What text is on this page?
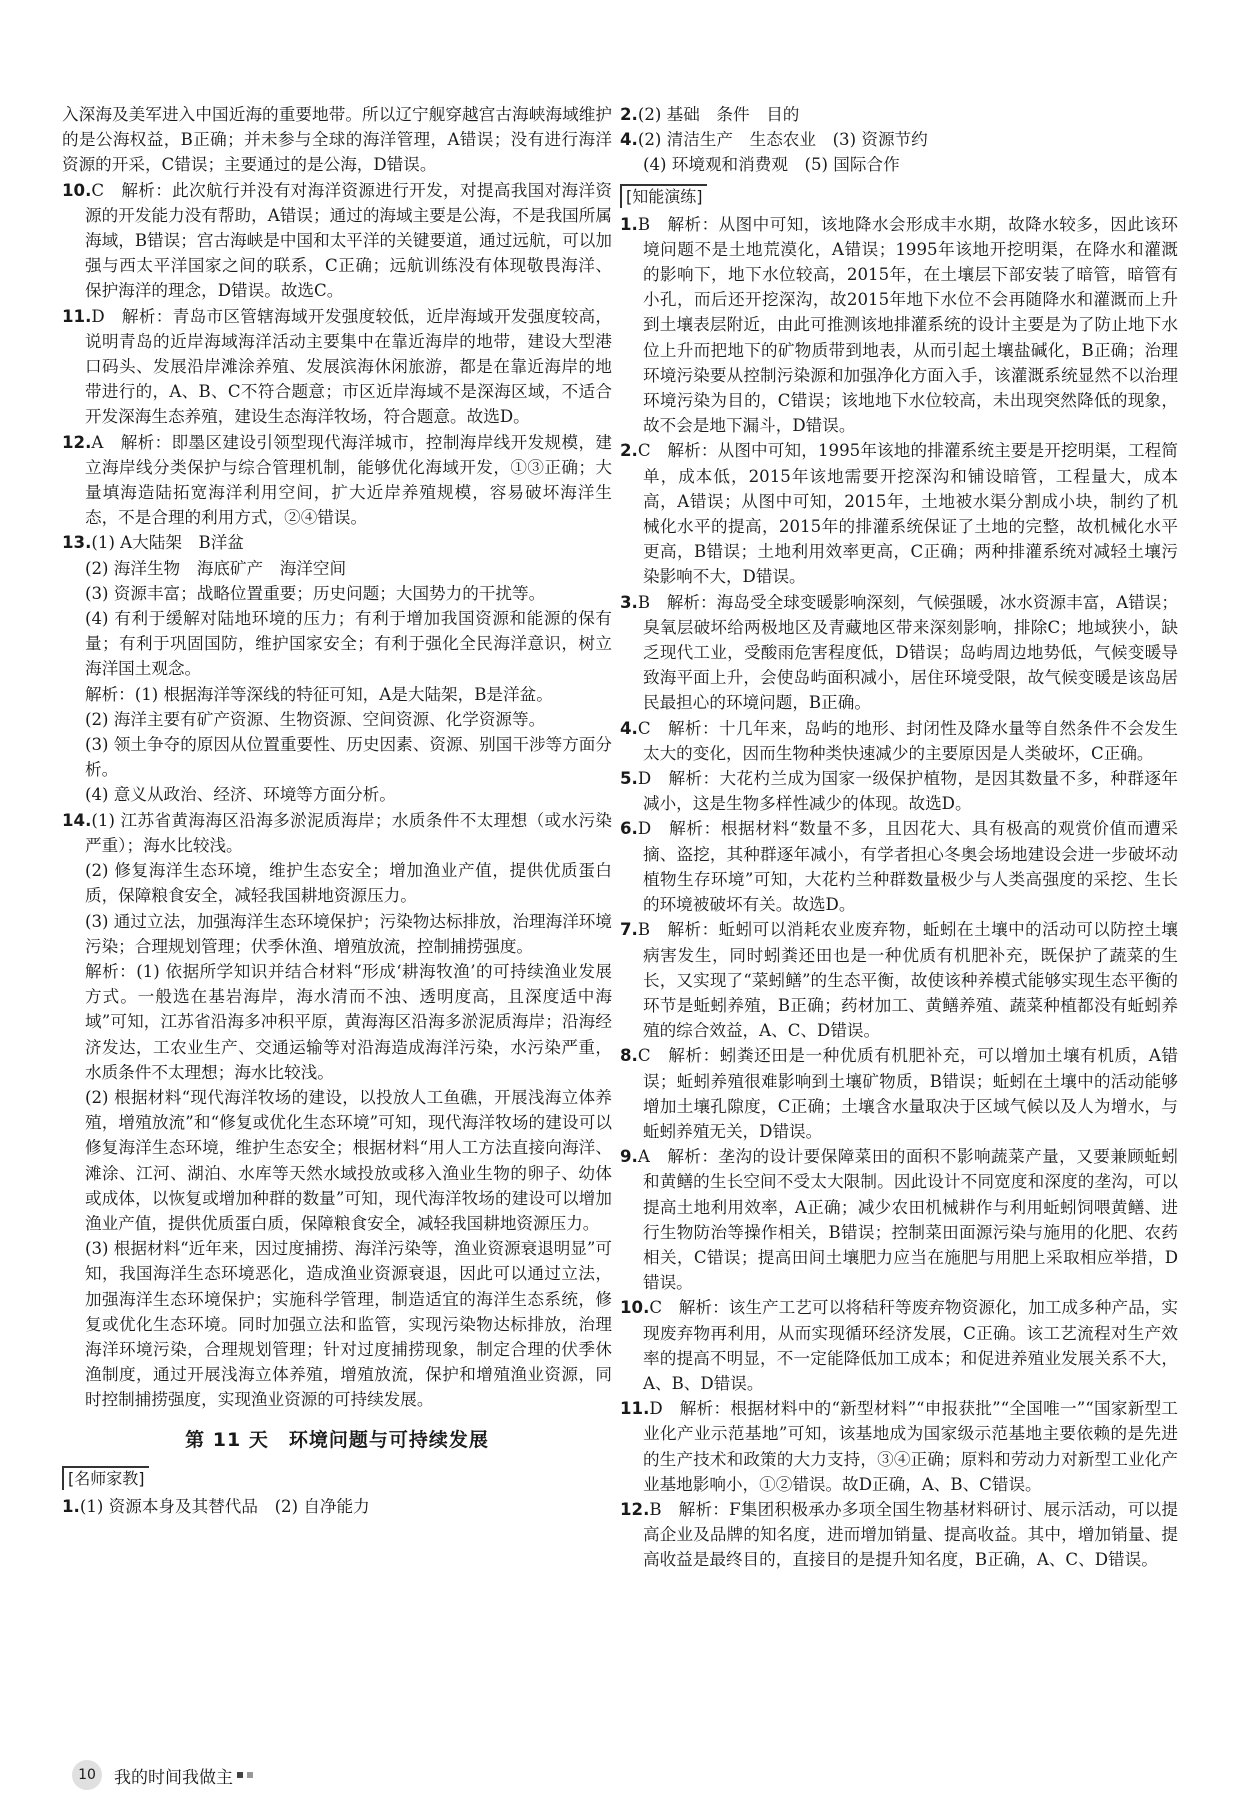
入深海及美军进入中国近海的重要地带。所以辽宁舰穿越宫古海峡海域维护的是公海权益，B正确；并未参与全球的海洋管理，A错误；没有进行海洋资源的开采，C错误；主要通过的是公海，D错误。

10.C　解析：此次航行并没有对海洋资源进行开发，对提高我国对海洋资源的开发能力没有帮助，A错误；通过的海域主要是公海，不是我国所属海域，B错误；宫古海峡是中国和太平洋的关键要道，通过远航，可以加强与西太平洋国家之间的联系，C正确；远航训练没有体现敬畏海洋、保护海洋的理念，D错误。故选C。

11.D　解析：青岛市区管辖海域开发强度较低，近岸海域开发强度较高，说明青岛的近岸海域海洋活动主要集中在靠近海岸的地带，建设大型港口码头、发展沿岸滩涂养殖、发展滨海休闲旅游，都是在靠近海岸的地带进行的，A、B、C不符合题意；市区近岸海域不是深海区域，不适合开发深海生态养殖，建设生态海洋牧场，符合题意。故选D。

12.A　解析：即墨区建设引领型现代海洋城市，控制海岸线开发规模，建立海岸线分类保护与综合管理机制，能够优化海域开发，①③正确；大量填海造陆拓宽海洋利用空间，扩大近岸养殖规模，容易破坏海洋生态，不是合理的利用方式，②④错误。

13.(1) A大陆架　B洋盆

(2) 海洋生物　海底矿产　海洋空间

(3) 资源丰富；战略位置重要；历史问题；大国势力的干扰等。

(4) 有利于缓解对陆地环境的压力；有利于增加我国资源和能源的保有量；有利于巩固国防，维护国家安全；有利于强化全民海洋意识，树立海洋国土观念。

解析：(1) 根据海洋等深线的特征可知，A是大陆架，B是洋盆。

(2) 海洋主要有矿产资源、生物资源、空间资源、化学资源等。

(3) 领土争夺的原因从位置重要性、历史因素、资源、别国干涉等方面分析。

(4) 意义从政治、经济、环境等方面分析。

14.(1) 江苏省黄海海区沿海多淤泥质海岸；水质条件不太理想（或水污染严重）；海水比较浅。

(2) 修复海洋生态环境，维护生态安全；增加渔业产值，提供优质蛋白质，保障粮食安全，减轻我国耕地资源压力。

(3) 通过立法，加强海洋生态环境保护；污染物达标排放，治理海洋环境污染；合理规划管理；伏季休渔、增殖放流，控制捕捞强度。

解析：(1) 依据所学知识并结合材料“形成‘耕海牧渔’的可持续渔业发展方式。一般选在基岩海岸，海水清而不浊、透明度高，且深度适中海域”可知，江苏省沿海多冲积平原，黄海海区沿海多淤泥质海岸；沿海经济发达，工农业生产、交通运输等对沿海造成海洋污染，水污染严重，水质条件不太理想；海水比较浅。

(2) 根据材料“现代海洋牧场的建设，以投放人工鱼礁，开展浅海立体养殖，增殖放流”和“修复或优化生态环境”可知，现代海洋牧场的建设可以修复海洋生态环境，维护生态安全；根据材料“用人工方法直接向海洋、滩涂、江河、湖泊、水库等天然水域投放或移入渔业生物的卵子、幼体或成体，以恢复或增加种群的数量”可知，现代海洋牧场的建设可以增加渔业产值，提供优质蛋白质，保障粮食安全，减轻我国耕地资源压力。

(3) 根据材料“近年来，因过度捕捞、海洋污染等，渔业资源衰退明显”可知，我国海洋生态环境恶化，造成渔业资源衰退，因此可以通过立法，加强海洋生态环境保护；实施科学管理，制造适宜的海洋生态系统，修复或优化生态环境。同时加强立法和监管，实现污染物达标排放，治理海洋环境污染，合理规划管理；针对过度捕捞现象，制定合理的伏季休渔制度，通过开展浅海立体养殖，增殖放流，保护和增殖渔业资源，同时控制捕捞强度，实现渔业资源的可持续发展。

第 11 天　环境问题与可持续发展
[名师家教]

1.(1) 资源本身及其替代品　(2) 自净能力

2.(2) 基础　条件　目的

4.(2) 清洁生产　生态农业　(3) 资源节约

(4) 环境观和消费观　(5) 国际合作

[知能演练]

1.B　解析：从图中可知，该地降水会形成丰水期，故降水较多，因此该环境问题不是土地荒漠化，A错误；1995年该地开挖明渠，在降水和灌溉的影响下，地下水位较高，2015年，在土壤层下部安装了暗管，暗管有小孔，而后还开挖深沟，故2015年地下水位不会再随降水和灌溉而上升到土壤表层附近，由此可推测该地排灌系统的设计主要是为了防止地下水位上升而把地下的矿物质带到地表，从而引起土壤盐碱化，B正确；治理环境污染要从控制污染源和加强净化方面入手，该灌溉系统显然不以治理环境污染为目的，C错误；该地地下水位较高，未出现突然降低的现象，故不会是地下漏斗，D错误。

2.C　解析：从图中可知，1995年该地的排灌系统主要是开挖明渠，工程简单，成本低，2015年该地需要开挖深沟和铺设暗管，工程量大，成本高，A错误；从图中可知，2015年，土地被水渠分割成小块，制约了机械化水平的提高，2015年的排灌系统保证了土地的完整，故机械化水平更高，B错误；土地利用效率更高，C正确；两种排灌系统对减轻土壤污染影响不大，D错误。

3.B　解析：海岛受全球变暖影响深刻，气候强暖，冰水资源丰富，A错误；臭氧层破坏给两极地区及青藏地区带来深刻影响，排除C；地域狭小，缺乏现代工业，受酸雨危害程度低，D错误；岛屿周边地势低，气候变暖导致海平面上升，会使岛屿面积减小，居住环境受限，故气候变暖是该岛居民最担心的环境问题，B正确。

4.C　解析：十几年来，岛屿的地形、封闭性及降水量等自然条件不会发生太大的变化，因而生物种类快速减少的主要原因是人类破坏，C正确。

5.D　解析：大花杓兰成为国家一级保护植物，是因其数量不多，种群逐年减小，这是生物多样性减少的体现。故选D。

6.D　解析：根据材料“数量不多，且因花大、具有极高的观赏价值而遭采摘、盗挖，其种群逐年减小，有学者担心冬奥会场地建设会进一步破坏动植物生存环境”可知，大花杓兰种群数量极少与人类高强度的采挖、生长的环境被破坏有关。故选D。

7.B　解析：蚯蚓可以消耗农业废弃物，蚯蚓在土壤中的活动可以防控土壤病害发生，同时蚓粪还田也是一种优质有机肥补充，既保护了蔬菜的生长，又实现了“菜蚓鳝”的生态平衡，故使该种养模式能够实现生态平衡的环节是蚯蚓养殖，B正确；药材加工、黄鳝养殖、蔬菜种植都没有蚯蚓养殖的综合效益，A、C、D错误。

8.C　解析：蚓粪还田是一种优质有机肥补充，可以增加土壤有机质，A错误；蚯蚓养殖很难影响到土壤矿物质，B错误；蚯蚓在土壤中的活动能够增加土壤孔隙度，C正确；土壤含水量取决于区域气候以及人为增水，与蚯蚓养殖无关，D错误。

9.A　解析：垄沟的设计要保障菜田的面积不影响蔬菜产量，又要兼顾蚯蚓和黄鳝的生长空间不受太大限制。因此设计不同宽度和深度的垄沟，可以提高土地利用效率，A正确；减少农田机械耕作与利用蚯蚓饲喂黄鳝、进行生物防治等操作相关，B错误；控制菜田面源污染与施用的化肥、农药相关，C错误；提高田间土壤肥力应当在施肥与用肥上采取相应举措，D错误。

10.C　解析：该生产工艺可以将秸秆等废弃物资源化，加工成多种产品，实现废弃物再利用，从而实现循环经济发展，C正确。该工艺流程对生产效率的提高不明显，不一定能降低加工成本；和促进养殖业发展关系不大，A、B、D错误。

11.D　解析：根据材料中的“新型材料”“申报获批”“全国唯一”“国家新型工业化产业示范基地”可知，该基地成为国家级示范基地主要依赖的是先进的生产技术和政策的大力支持，③④正确；原料和劳动力对新型工业化产业基地影响小，①②错误。故D正确，A、B、C错误。

12.B　解析：F集团积极承办多项全国生物基材料研讨、展示活动，可以提高企业及品牌的知名度，进而增加销量、提高收益。其中，增加销量、提高收益是最终目的，直接目的是提升知名度，B正确，A、C、D错误。

10	我的时间我做主
